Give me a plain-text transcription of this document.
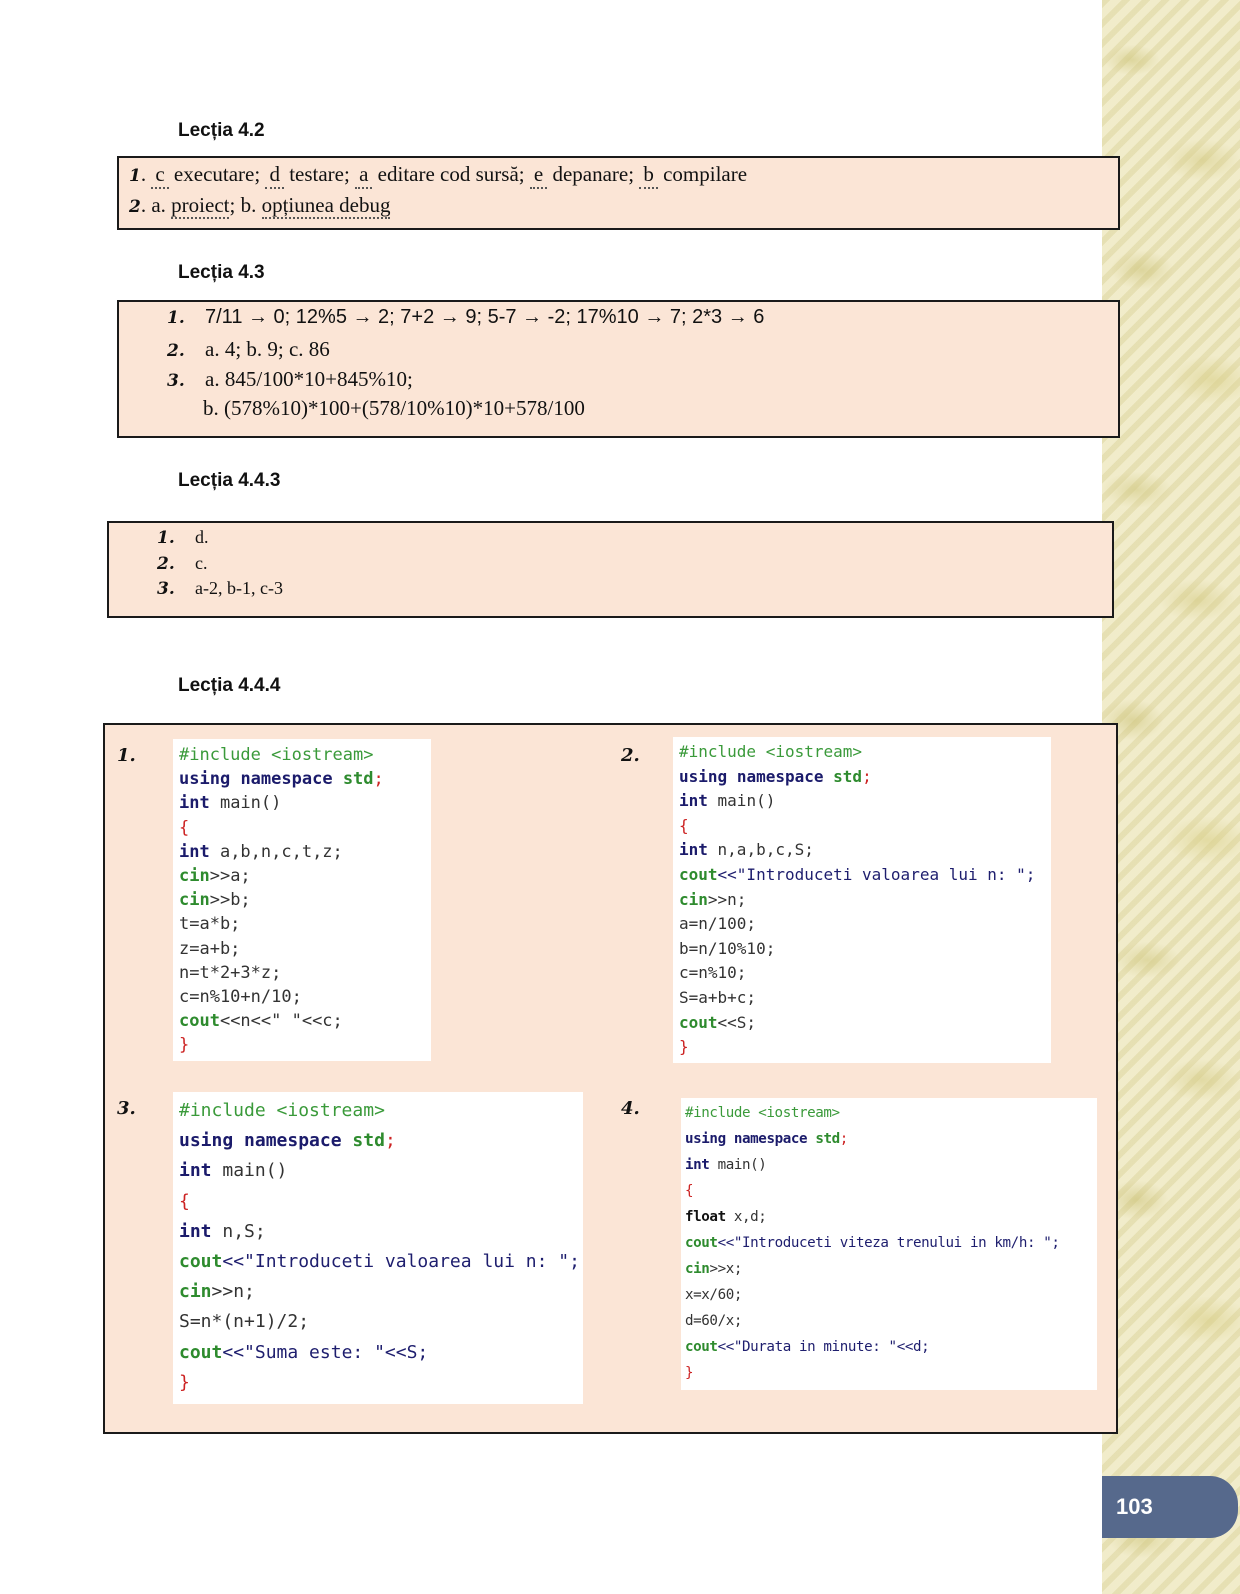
103
Lecția 4.2
1. c executare; d testare; a editare cod sursă; e depanare; b compilare
2. a. proiect; b. opțiunea debug
Lecția 4.3
1.	7/11 → 0; 12%5 → 2; 7+2 → 9; 5-7 → -2; 17%10 → 7; 2*3 → 6
2. a. 4; b. 9; c. 86
3. a. 845/100*10+845%10;
b. (578%10)*100+(578/10%10)*10+578/100
Lecția 4.4.3
1.	d.
2.	c.
3.	a-2, b-1, c-3
Lecția 4.4.4
1.	2.
3.	4.
#include <iostream>
using namespace std;
int main()
{
int a,b,n,c,t,z;
cin>>a;
cin>>b;
t=a*b;
z=a+b;
n=t*2+3*z;
c=n%10+n/10;
cout<<n<<" "<<c;
}
#include <iostream>
using namespace std;
int main()
{
int n,a,b,c,S;
cout<<"Introduceti valoarea lui n: ";
cin>>n;
a=n/100;
b=n/10%10;
c=n%10;
S=a+b+c;
cout<<S;
}
#include <iostream>
using namespace std;
int main()
{
int n,S;
cout<<"Introduceti valoarea lui n: ";
cin>>n;
S=n*(n+1)/2;
cout<<"Suma este: "<<S;
}
#include <iostream>
using namespace std;
int main()
{
float x,d;
cout<<"Introduceti viteza trenului in km/h: ";
cin>>x;
x=x/60;
d=60/x;
cout<<"Durata in minute: "<<d;
}
